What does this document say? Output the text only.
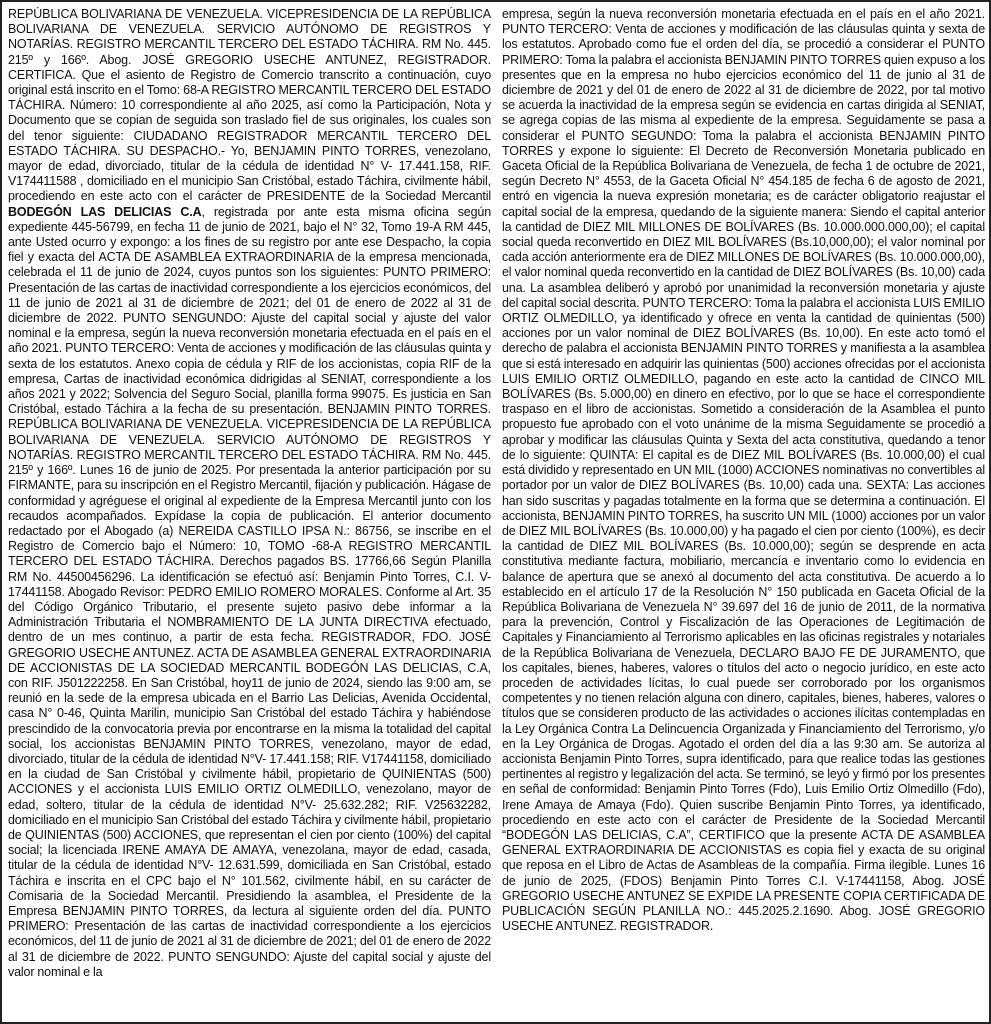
REPÚBLICA BOLIVARIANA DE VENEZUELA. VICEPRESIDENCIA DE LA REPÚBLICA BOLIVARIANA DE VENEZUELA. SERVICIO AUTÓNOMO DE REGISTROS Y NOTARÍAS. REGISTRO MERCANTIL TERCERO DEL ESTADO TÁCHIRA. RM No. 445. 215º y 166º. Abog. JOSÉ GREGORIO USECHE ANTUNEZ, REGISTRADOR. CERTIFICA. Que el asiento de Registro de Comercio transcrito a continuación, cuyo original está inscrito en el Tomo: 68-A REGISTRO MERCANTIL TERCERO DEL ESTADO TÁCHIRA. Número: 10 correspondiente al año 2025, así como la Participación, Nota y Documento que se copian de seguida son traslado fiel de sus originales, los cuales son del tenor siguiente: CIUDADANO REGISTRADOR MERCANTIL TERCERO DEL ESTADO TÁCHIRA. SU DESPACHO.- Yo, BENJAMIN PINTO TORRES, venezolano, mayor de edad, divorciado, titular de la cédula de identidad N° V- 17.441.158, RIF. V174411588 , domiciliado en el municipio San Cristóbal, estado Táchira, civilmente hábil, procediendo en este acto con el carácter de PRESIDENTE de la Sociedad Mercantil BODEGÓN LAS DELICIAS C.A, registrada por ante esta misma oficina según expediente 445-56799, en fecha 11 de junio de 2021, bajo el N° 32, Tomo 19-A RM 445, ante Usted ocurro y expongo: a los fines de su registro por ante ese Despacho, la copia fiel y exacta del ACTA DE ASAMBLEA EXTRAORDINARIA de la empresa mencionada, celebrada el 11 de junio de 2024, cuyos puntos son los siguientes: PUNTO PRIMERO: Presentación de las cartas de inactividad correspondiente a los ejercicios económicos, del 11 de junio de 2021 al 31 de diciembre de 2021; del 01 de enero de 2022 al 31 de diciembre de 2022. PUNTO SENGUNDO: Ajuste del capital social y ajuste del valor nominal e la empresa, según la nueva reconversión monetaria efectuada en el país en el año 2021. PUNTO TERCERO: Venta de acciones y modificación de las cláusulas quinta y sexta de los estatutos. Anexo copia de cédula y RIF de los accionistas, copia RIF de la empresa, Cartas de inactividad económica didrigidas al SENIAT, correspondiente a los años 2021 y 2022; Solvencia del Seguro Social, planilla forma 99075. Es justicia en San Cristóbal, estado Táchira a la fecha de su presentación. BENJAMIN PINTO TORRES. REPÚBLICA BOLIVARIANA DE VENEZUELA. VICEPRESIDENCIA DE LA REPÚBLICA BOLIVARIANA DE VENEZUELA. SERVICIO AUTÓNOMO DE REGISTROS Y NOTARÍAS. REGISTRO MERCANTIL TERCERO DEL ESTADO TÁCHIRA. RM No. 445. 215º y 166º. Lunes 16 de junio de 2025. Por presentada la anterior participación por su FIRMANTE, para su inscripción en el Registro Mercantil, fijación y publicación. Hágase de conformidad y agréguese el original al expediente de la Empresa Mercantil junto con los recaudos acompañados. Expídase la copia de publicación. El anterior documento redactado por el Abogado (a) NEREIDA CASTILLO IPSA N.: 86756, se inscribe en el Registro de Comercio bajo el Número: 10, TOMO -68-A REGISTRO MERCANTIL TERCERO DEL ESTADO TÁCHIRA. Derechos pagados BS. 17766,66 Según Planilla RM No. 44500456296. La identificación se efectuó así: Benjamin Pinto Torres, C.I. V-17441158. Abogado Revisor: PEDRO EMILIO ROMERO MORALES. Conforme al Art. 35 del Código Orgánico Tributario, el presente sujeto pasivo debe informar a la Administración Tributaria el NOMBRAMIENTO DE LA JUNTA DIRECTIVA efectuado, dentro de un mes continuo, a partir de esta fecha. REGISTRADOR, FDO. JOSÉ GREGORIO USECHE ANTUNEZ. ACTA DE ASAMBLEA GENERAL EXTRAORDINARIA DE ACCIONISTAS DE LA SOCIEDAD MERCANTIL BODEGÓN LAS DELICIAS, C.A, con RIF. J501222258. En San Cristóbal, hoy11 de junio de 2024, siendo las 9:00 am, se reunió en la sede de la empresa ubicada en el Barrio Las Delicias, Avenida Occidental, casa N° 0-46, Quinta Marilin, municipio San Cristóbal del estado Táchira y habiéndose prescindido de la convocatoria previa por encontrarse en la misma la totalidad del capital social, los accionistas BENJAMIN PINTO TORRES, venezolano, mayor de edad, divorciado, titular de la cédula de identidad N°V- 17.441.158; RIF. V17441158, domiciliado en la ciudad de San Cristóbal y civilmente hábil, propietario de QUINIENTAS (500) ACCIONES y el accionista LUIS EMILIO ORTIZ OLMEDILLO, venezolano, mayor de edad, soltero, titular de la cédula de identidad N°V- 25.632.282; RIF. V25632282, domiciliado en el municipio San Cristóbal del estado Táchira y civilmente hábil, propietario de QUINIENTAS (500) ACCIONES, que representan el cien por ciento (100%) del capital social; la licenciada IRENE AMAYA DE AMAYA, venezolana, mayor de edad, casada, titular de la cédula de identidad N°V- 12.631.599, domiciliada en San Cristóbal, estado Táchira e inscrita en el CPC bajo el N° 101.562, civilmente hábil, en su carácter de Comisaria de la Sociedad Mercantil. Presidiendo la asamblea, el Presidente de la Empresa BENJAMIN PINTO TORRES, da lectura al siguiente orden del día. PUNTO PRIMERO: Presentación de las cartas de inactividad correspondiente a los ejercicios económicos, del 11 de junio de 2021 al 31 de diciembre de 2021; del 01 de enero de 2022 al 31 de diciembre de 2022. PUNTO SENGUNDO: Ajuste del capital social y ajuste del valor nominal e la

empresa, según la nueva reconversión monetaria efectuada en el país en el año 2021. PUNTO TERCERO: Venta de acciones y modificación de las cláusulas quinta y sexta de los estatutos. Aprobado como fue el orden del día, se procedió a considerar el PUNTO PRIMERO: Toma la palabra el accionista BENJAMIN PINTO TORRES quien expuso a los presentes que en la empresa no hubo ejercicios económico del 11 de junio al 31 de diciembre de 2021 y del 01 de enero de 2022 al 31 de diciembre de 2022, por tal motivo se acuerda la inactividad de la empresa según se evidencia en cartas dirigida al SENIAT, se agrega copias de las misma al expediente de la empresa. Seguidamente se pasa a considerar el PUNTO SEGUNDO: Toma la palabra el accionista BENJAMIN PINTO TORRES y expone lo siguiente: El Decreto de Reconversión Monetaria publicado en Gaceta Oficial de la República Bolivariana de Venezuela, de fecha 1 de octubre de 2021, según Decreto N° 4553, de la Gaceta Oficial N° 454.185 de fecha 6 de agosto de 2021, entró en vigencia la nueva expresión monetaria; es de carácter obligatorio reajustar el capital social de la empresa, quedando de la siguiente manera: Siendo el capital anterior la cantidad de DIEZ MIL MILLONES DE BOLÍVARES (Bs. 10.000.000.000,00); el capital social queda reconvertido en DIEZ MIL BOLÍVARES (Bs.10,000,00); el valor nominal por cada acción anteriormente era de DIEZ MILLONES DE BOLÍVARES (Bs. 10.000.000,00), el valor nominal queda reconvertido en la cantidad de DIEZ BOLÍVARES (Bs. 10,00) cada una. La asamblea deliberó y aprobó por unanimidad la reconversión monetaria y ajuste del capital social descrita. PUNTO TERCERO: Toma la palabra el accionista LUIS EMILIO ORTIZ OLMEDILLO, ya identificado y ofrece en venta la cantidad de quinientas (500) acciones por un valor nominal de DIEZ BOLÍVARES (Bs. 10,00). En este acto tomó el derecho de palabra el accionista BENJAMIN PINTO TORRES y manifiesta a la asamblea que si está interesado en adquirir las quinientas (500) acciones ofrecidas por el accionista LUIS EMILIO ORTIZ OLMEDILLO, pagando en este acto la cantidad de CINCO MIL BOLÍVARES (Bs. 5.000,00) en dinero en efectivo, por lo que se hace el correspondiente traspaso en el libro de accionistas. Sometido a consideración de la Asamblea el punto propuesto fue aprobado con el voto unánime de la misma Seguidamente se procedió a aprobar y modificar las cláusulas Quinta y Sexta del acta constitutiva, quedando a tenor de lo siguiente: QUINTA: El capital es de DIEZ MIL BOLÍVARES (Bs. 10.000,00) el cual está dividido y representado en UN MIL (1000) ACCIONES nominativas no convertibles al portador por un valor de DIEZ BOLÍVARES (Bs. 10,00) cada una. SEXTA: Las acciones han sido suscritas y pagadas totalmente en la forma que se determina a continuación. El accionista, BENJAMIN PINTO TORRES, ha suscrito UN MIL (1000) acciones por un valor de DIEZ MIL BOLÍVARES (Bs. 10.000,00) y ha pagado el cien por ciento (100%), es decir la cantidad de DIEZ MIL BOLÍVARES (Bs. 10.000,00); según se desprende en acta constitutiva mediante factura, mobiliario, mercancía e inventario como lo evidencia en balance de apertura que se anexó al documento del acta constitutiva. De acuerdo a lo establecido en el artículo 17 de la Resolución N° 150 publicada en Gaceta Oficial de la República Bolivariana de Venezuela N° 39.697 del 16 de junio de 2011, de la normativa para la prevención, Control y Fiscalización de las Operaciones de Legitimación de Capitales y Financiamiento al Terrorismo aplicables en las oficinas registrales y notariales de la República Bolivariana de Venezuela, DECLARO BAJO FE DE JURAMENTO, que los capitales, bienes, haberes, valores o títulos del acto o negocio jurídico, en este acto proceden de actividades lícitas, lo cual puede ser corroborado por los organismos competentes y no tienen relación alguna con dinero, capitales, bienes, haberes, valores o títulos que se consideren producto de las actividades o acciones ilícitas contempladas en la Ley Orgánica Contra La Delincuencia Organizada y Financiamiento del Terrorismo, y/o en la Ley Orgánica de Drogas. Agotado el orden del día a las 9:30 am. Se autoriza al accionista Benjamin Pinto Torres, supra identificado, para que realice todas las gestiones pertinentes al registro y legalización del acta. Se terminó, se leyó y firmó por los presentes en señal de conformidad: Benjamin Pinto Torres (Fdo), Luis Emilio Ortiz Olmedillo (Fdo), Irene Amaya de Amaya (Fdo). Quien suscribe Benjamin Pinto Torres, ya identificado, procediendo en este acto con el carácter de Presidente de la Sociedad Mercantil “BODEGÓN LAS DELICIAS, C.A”, CERTIFICO que la presente ACTA DE ASAMBLEA GENERAL EXTRAORDINARIA DE ACCIONISTAS es copia fiel y exacta de su original que reposa en el Libro de Actas de Asambleas de la compañía. Firma ilegible. Lunes 16 de junio de 2025, (FDOS) Benjamin Pinto Torres C.I. V-17441158, Abog. JOSÉ GREGORIO USECHE ANTUNEZ SE EXPIDE LA PRESENTE COPIA CERTIFICADA DE PUBLICACIÓN SEGÚN PLANILLA NO.: 445.2025.2.1690. Abog. JOSÉ GREGORIO USECHE ANTUNEZ. REGISTRADOR.
